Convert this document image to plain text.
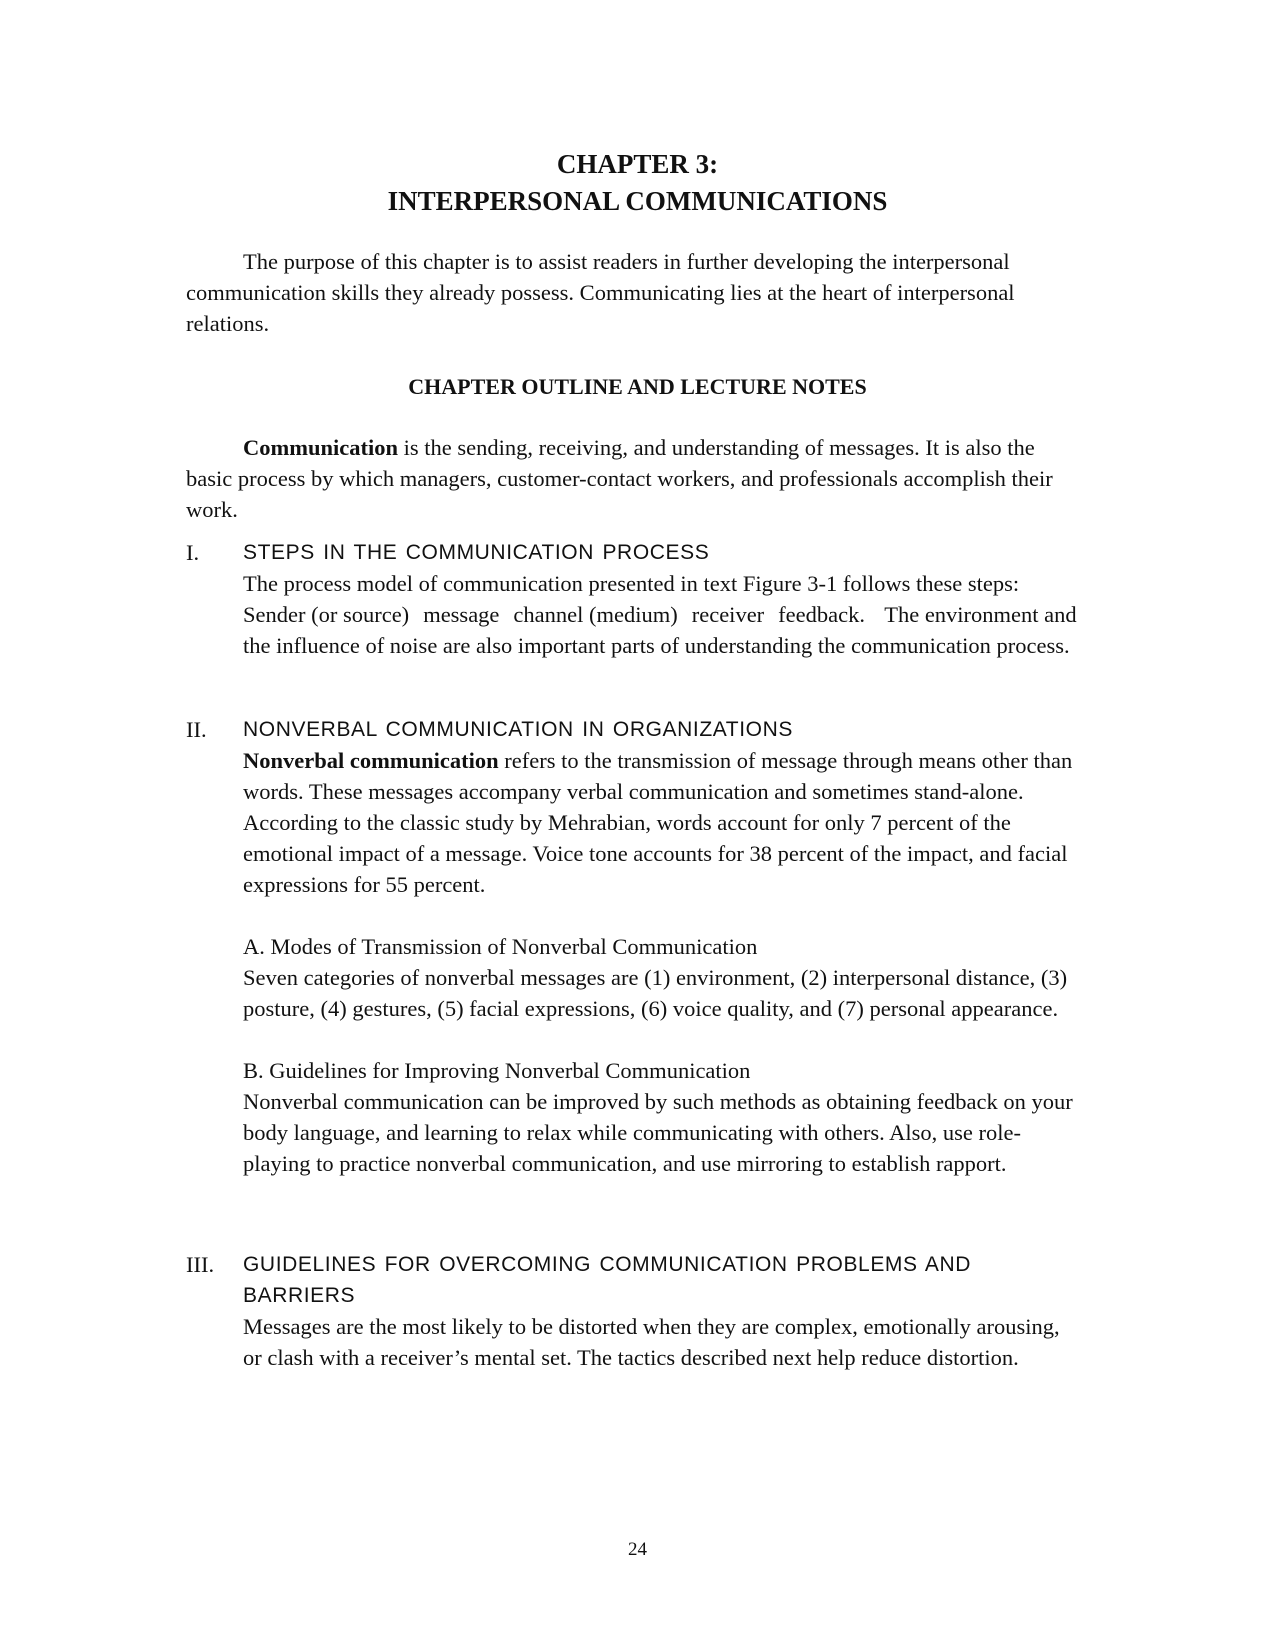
CHAPTER 3:
INTERPERSONAL COMMUNICATIONS

The purpose of this chapter is to assist readers in further developing the interpersonal communication skills they already possess. Communicating lies at the heart of interpersonal relations.

CHAPTER OUTLINE AND LECTURE NOTES

Communication is the sending, receiving, and understanding of messages. It is also the basic process by which managers, customer-contact workers, and professionals accomplish their work.

I.	STEPS IN THE COMMUNICATION PROCESS

The process model of communication presented in text Figure 3-1 follows these steps: Sender (or source) message channel (medium) receiver feedback. The environment and the influence of noise are also important parts of understanding the communication process.

II.	NONVERBAL COMMUNICATION IN ORGANIZATIONS

Nonverbal communication refers to the transmission of message through means other than words. These messages accompany verbal communication and sometimes stand-alone. According to the classic study by Mehrabian, words account for only 7 percent of the emotional impact of a message. Voice tone accounts for 38 percent of the impact, and facial expressions for 55 percent.

A. Modes of Transmission of Nonverbal Communication
Seven categories of nonverbal messages are (1) environment, (2) interpersonal distance, (3) posture, (4) gestures, (5) facial expressions, (6) voice quality, and (7) personal appearance.

B. Guidelines for Improving Nonverbal Communication
Nonverbal communication can be improved by such methods as obtaining feedback on your body language, and learning to relax while communicating with others. Also, use role-playing to practice nonverbal communication, and use mirroring to establish rapport.

III.	GUIDELINES FOR OVERCOMING COMMUNICATION PROBLEMS AND BARRIERS

Messages are the most likely to be distorted when they are complex, emotionally arousing, or clash with a receiver’s mental set. The tactics described next help reduce distortion.

24
